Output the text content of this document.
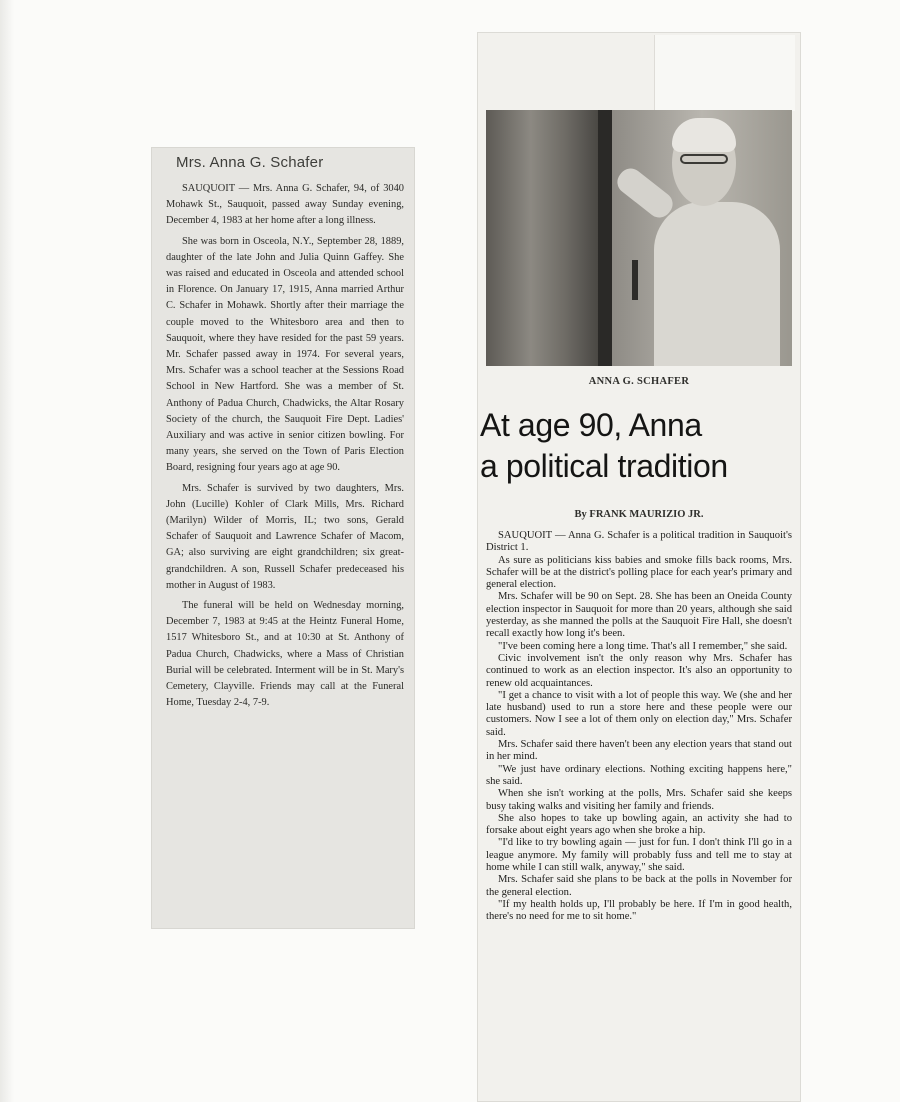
Mrs. Anna G. Schafer

SAUQUOIT — Mrs. Anna G. Schafer, 94, of 3040 Mohawk St., Sauquoit, passed away Sunday evening, December 4, 1983 at her home after a long illness.

She was born in Osceola, N.Y., September 28, 1889, daughter of the late John and Julia Quinn Gaffey. She was raised and educated in Osceola and attended school in Florence. On January 17, 1915, Anna married Arthur C. Schafer in Mohawk. Shortly after their marriage the couple moved to the Whitesboro area and then to Sauquoit, where they have resided for the past 59 years. Mr. Schafer passed away in 1974. For several years, Mrs. Schafer was a school teacher at the Sessions Road School in New Hartford. She was a member of St. Anthony of Padua Church, Chadwicks, the Altar Rosary Society of the church, the Sauquoit Fire Dept. Ladies' Auxiliary and was active in senior citizen bowling. For many years, she served on the Town of Paris Election Board, resigning four years ago at age 90.

Mrs. Schafer is survived by two daughters, Mrs. John (Lucille) Kohler of Clark Mills, Mrs. Richard (Marilyn) Wilder of Morris, IL; two sons, Gerald Schafer of Sauquoit and Lawrence Schafer of Macom, GA; also surviving are eight grandchildren; six great-grandchildren. A son, Russell Schafer predeceased his mother in August of 1983.

The funeral will be held on Wednesday morning, December 7, 1983 at 9:45 at the Heintz Funeral Home, 1517 Whitesboro St., and at 10:30 at St. Anthony of Padua Church, Chadwicks, where a Mass of Christian Burial will be celebrated. Interment will be in St. Mary's Cemetery, Clayville. Friends may call at the Funeral Home, Tuesday 2-4, 7-9.

ANNA G. SCHAFER
At age 90, Anna
a political tradition
By FRANK MAURIZIO JR.

SAUQUOIT — Anna G. Schafer is a political tradition in Sauquoit's District 1.

As sure as politicians kiss babies and smoke fills back rooms, Mrs. Schafer will be at the district's polling place for each year's primary and general election.

Mrs. Schafer will be 90 on Sept. 28. She has been an Oneida County election inspector in Sauquoit for more than 20 years, although she said yesterday, as she manned the polls at the Sauquoit Fire Hall, she doesn't recall exactly how long it's been.

"I've been coming here a long time. That's all I remember," she said.

Civic involvement isn't the only reason why Mrs. Schafer has continued to work as an election inspector. It's also an opportunity to renew old acquaintances.

"I get a chance to visit with a lot of people this way. We (she and her late husband) used to run a store here and these people were our customers. Now I see a lot of them only on election day," Mrs. Schafer said.

Mrs. Schafer said there haven't been any election years that stand out in her mind.

"We just have ordinary elections. Nothing exciting happens here," she said.

When she isn't working at the polls, Mrs. Schafer said she keeps busy taking walks and visiting her family and friends.

She also hopes to take up bowling again, an activity she had to forsake about eight years ago when she broke a hip.

"I'd like to try bowling again — just for fun. I don't think I'll go in a league anymore. My family will probably fuss and tell me to stay at home while I can still walk, anyway," she said.

Mrs. Schafer said she plans to be back at the polls in November for the general election.

"If my health holds up, I'll probably be here. If I'm in good health, there's no need for me to sit home."
